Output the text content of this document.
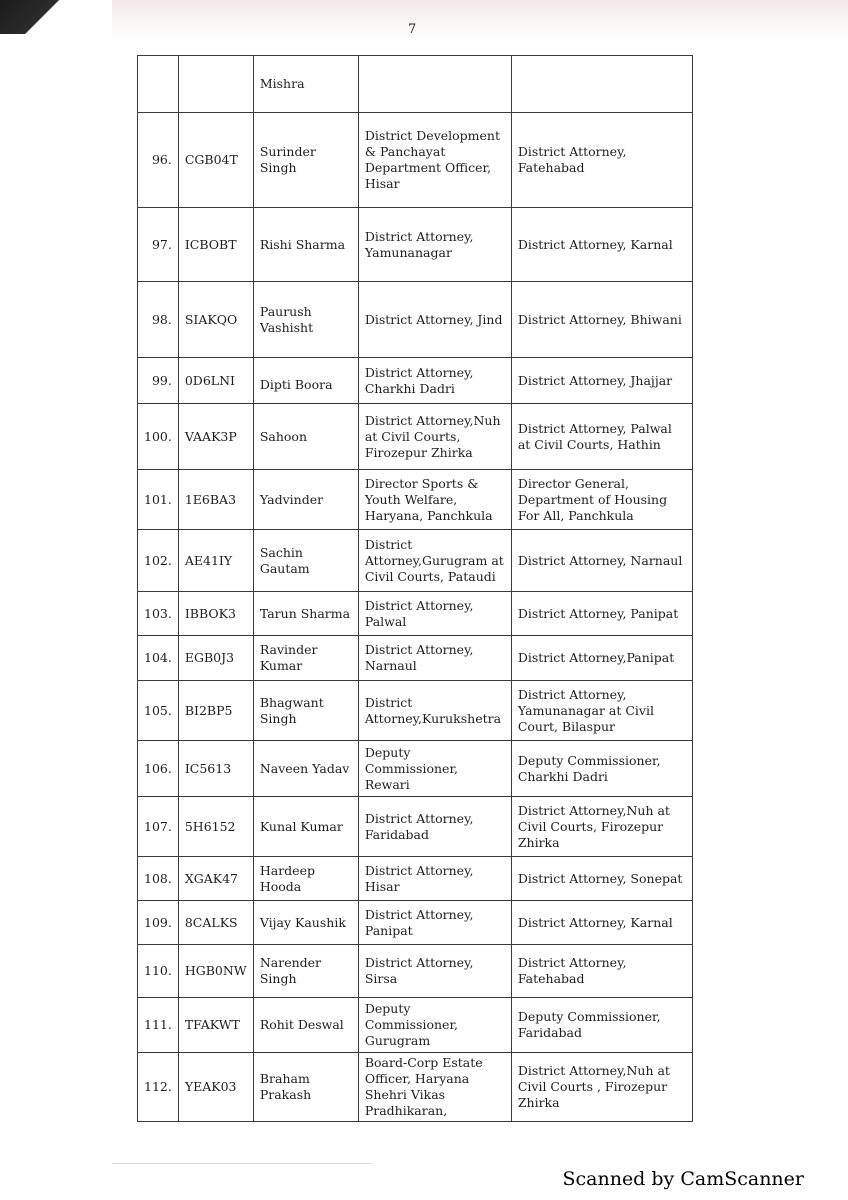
7
		Mishra		
96.	CGB04T	Surinder Singh	District Development & Panchayat Department Officer, Hisar	District Attorney, Fatehabad
97.	ICBOBT	Rishi Sharma	District Attorney, Yamunanagar	District Attorney, Karnal
98.	SIAKQO	Paurush Vashisht	District Attorney, Jind	District Attorney, Bhiwani
99.	0D6LNI	Dipti Boora	District Attorney, Charkhi Dadri	District Attorney, Jhajjar
100.	VAAK3P	Sahoon	District Attorney,Nuh at Civil Courts, Firozepur Zhirka	District Attorney, Palwal at Civil Courts, Hathin
101.	1E6BA3	Yadvinder	Director Sports & Youth Welfare, Haryana, Panchkula	Director General, Department of Housing For All, Panchkula
102.	AE41IY	Sachin Gautam	District Attorney,Gurugram at Civil Courts, Pataudi	District Attorney, Narnaul
103.	IBBOK3	Tarun Sharma	District Attorney, Palwal	District Attorney, Panipat
104.	EGB0J3	Ravinder Kumar	District Attorney, Narnaul	District Attorney,Panipat
105.	BI2BP5	Bhagwant Singh	District Attorney,Kurukshetra	District Attorney, Yamunanagar at Civil Court, Bilaspur
106.	IC5613	Naveen Yadav	Deputy Commissioner, Rewari	Deputy Commissioner, Charkhi Dadri
107.	5H6152	Kunal Kumar	District Attorney, Faridabad	District Attorney,Nuh at Civil Courts, Firozepur Zhirka
108.	XGAK47	Hardeep Hooda	District Attorney, Hisar	District Attorney, Sonepat
109.	8CALKS	Vijay Kaushik	District Attorney, Panipat	District Attorney, Karnal
110.	HGB0NW	Narender Singh	District Attorney, Sirsa	District Attorney, Fatehabad
111.	TFAKWT	Rohit Deswal	Deputy Commissioner, Gurugram	Deputy Commissioner, Faridabad
112.	YEAK03	Braham Prakash	Board-Corp Estate Officer, Haryana Shehri Vikas Pradhikaran,	District Attorney,Nuh at Civil Courts , Firozepur Zhirka
Scanned by CamScanner
